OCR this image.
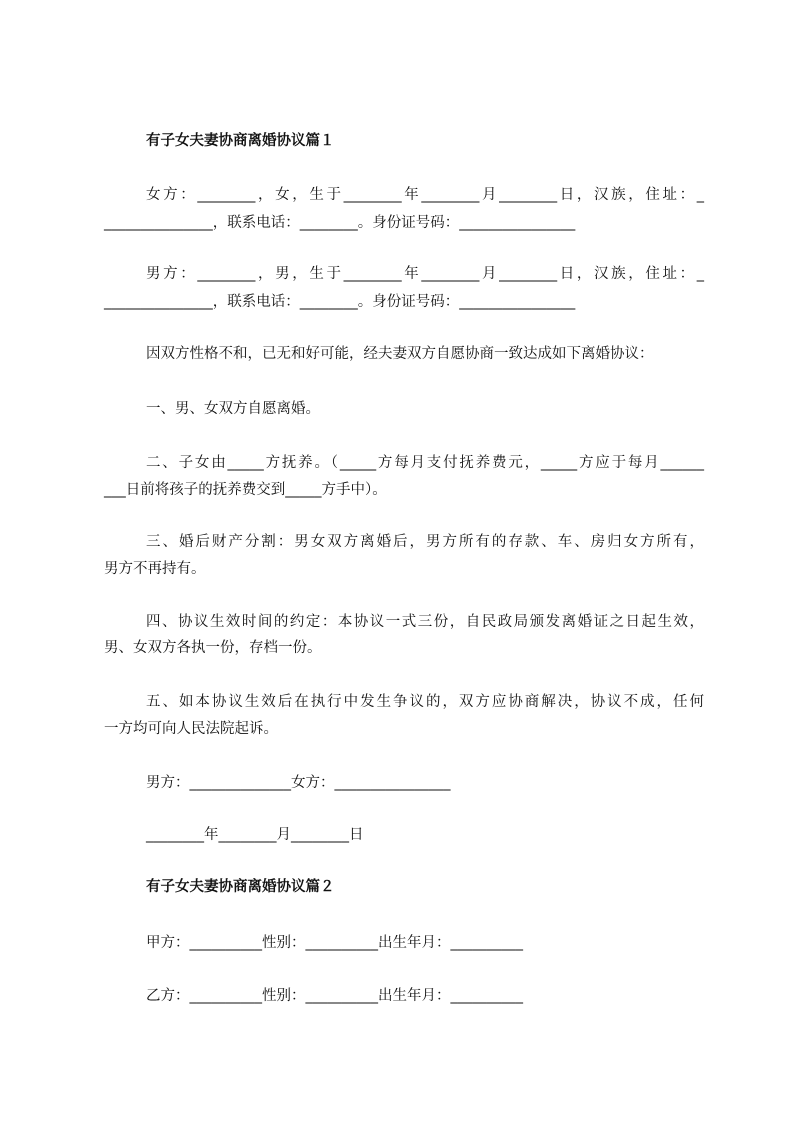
有子女夫妻协商离婚协议篇１
女方：________，女，生于________年________月________日，汉族，住址：_
_______________，联系电话：________。身份证号码：________________
男方：________，男，生于________年________月________日，汉族，住址：_
_______________，联系电话：________。身份证号码：________________
因双方性格不和，已无和好可能，经夫妻双方自愿协商一致达成如下离婚协议：
一、男、女双方自愿离婚。
二、子女由_____方抚养。（_____方每月支付抚养费元，_____方应于每月______
___日前将孩子的抚养费交到_____方手中）。
三、婚后财产分割：男女双方离婚后，男方所有的存款、车、房归女方所有，
男方不再持有。
四、协议生效时间的约定：本协议一式三份，自民政局颁发离婚证之日起生效，
男、女双方各执一份，存档一份。
五、如本协议生效后在执行中发生争议的，双方应协商解决，协议不成，任何
一方均可向人民法院起诉。
男方：______________女方：________________
________年________月________日
有子女夫妻协商离婚协议篇２
甲方：__________性别：__________出生年月：__________
乙方：__________性别：__________出生年月：__________
